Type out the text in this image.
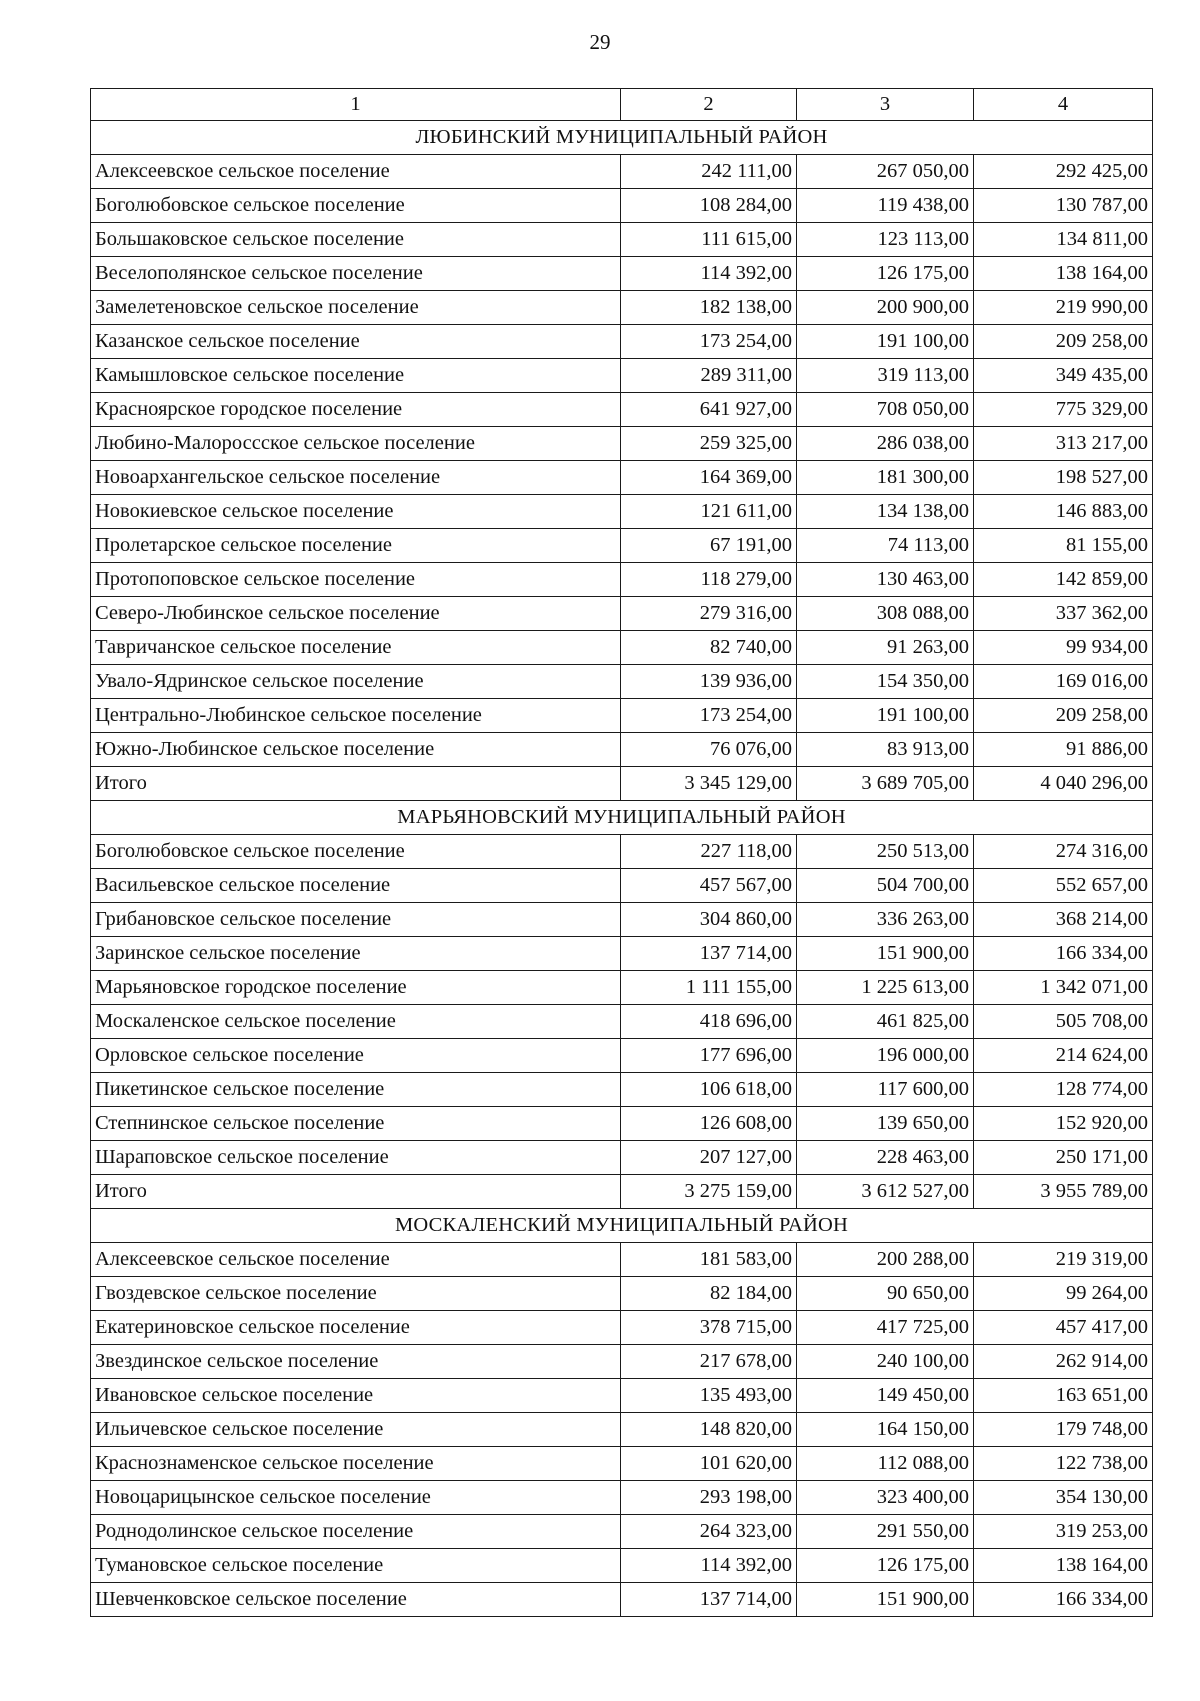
29
1	2	3	4
ЛЮБИНСКИЙ МУНИЦИПАЛЬНЫЙ РАЙОН			
Алексеевское сельское поселение	242 111,00	267 050,00	292 425,00
Боголюбовское сельское поселение	108 284,00	119 438,00	130 787,00
Большаковское сельское поселение	111 615,00	123 113,00	134 811,00
Веселополянское сельское поселение	114 392,00	126 175,00	138 164,00
Замелетеновское сельское поселение	182 138,00	200 900,00	219 990,00
Казанское сельское поселение	173 254,00	191 100,00	209 258,00
Камышловское сельское поселение	289 311,00	319 113,00	349 435,00
Красноярское городское поселение	641 927,00	708 050,00	775 329,00
Любино-Малороссское сельское поселение	259 325,00	286 038,00	313 217,00
Новоархангельское сельское поселение	164 369,00	181 300,00	198 527,00
Новокиевское сельское поселение	121 611,00	134 138,00	146 883,00
Пролетарское сельское поселение	67 191,00	74 113,00	81 155,00
Протопоповское сельское поселение	118 279,00	130 463,00	142 859,00
Северо-Любинское сельское поселение	279 316,00	308 088,00	337 362,00
Тавричанское сельское поселение	82 740,00	91 263,00	99 934,00
Увало-Ядринское сельское поселение	139 936,00	154 350,00	169 016,00
Центрально-Любинское сельское поселение	173 254,00	191 100,00	209 258,00
Южно-Любинское сельское поселение	76 076,00	83 913,00	91 886,00
Итого	3 345 129,00	3 689 705,00	4 040 296,00
МАРЬЯНОВСКИЙ МУНИЦИПАЛЬНЫЙ РАЙОН			
Боголюбовское сельское поселение	227 118,00	250 513,00	274 316,00
Васильевское сельское поселение	457 567,00	504 700,00	552 657,00
Грибановское сельское поселение	304 860,00	336 263,00	368 214,00
Заринское сельское поселение	137 714,00	151 900,00	166 334,00
Марьяновское городское поселение	1 111 155,00	1 225 613,00	1 342 071,00
Москаленское сельское поселение	418 696,00	461 825,00	505 708,00
Орловское сельское поселение	177 696,00	196 000,00	214 624,00
Пикетинское сельское поселение	106 618,00	117 600,00	128 774,00
Степнинское сельское поселение	126 608,00	139 650,00	152 920,00
Шараповское сельское поселение	207 127,00	228 463,00	250 171,00
Итого	3 275 159,00	3 612 527,00	3 955 789,00
МОСКАЛЕНСКИЙ МУНИЦИПАЛЬНЫЙ РАЙОН			
Алексеевское сельское поселение	181 583,00	200 288,00	219 319,00
Гвоздевское сельское поселение	82 184,00	90 650,00	99 264,00
Екатериновское сельское поселение	378 715,00	417 725,00	457 417,00
Звездинское сельское поселение	217 678,00	240 100,00	262 914,00
Ивановское сельское поселение	135 493,00	149 450,00	163 651,00
Ильичевское сельское поселение	148 820,00	164 150,00	179 748,00
Краснознаменское сельское поселение	101 620,00	112 088,00	122 738,00
Новоцарицынское сельское поселение	293 198,00	323 400,00	354 130,00
Роднодолинское сельское поселение	264 323,00	291 550,00	319 253,00
Тумановское сельское поселение	114 392,00	126 175,00	138 164,00
Шевченковское сельское поселение	137 714,00	151 900,00	166 334,00
